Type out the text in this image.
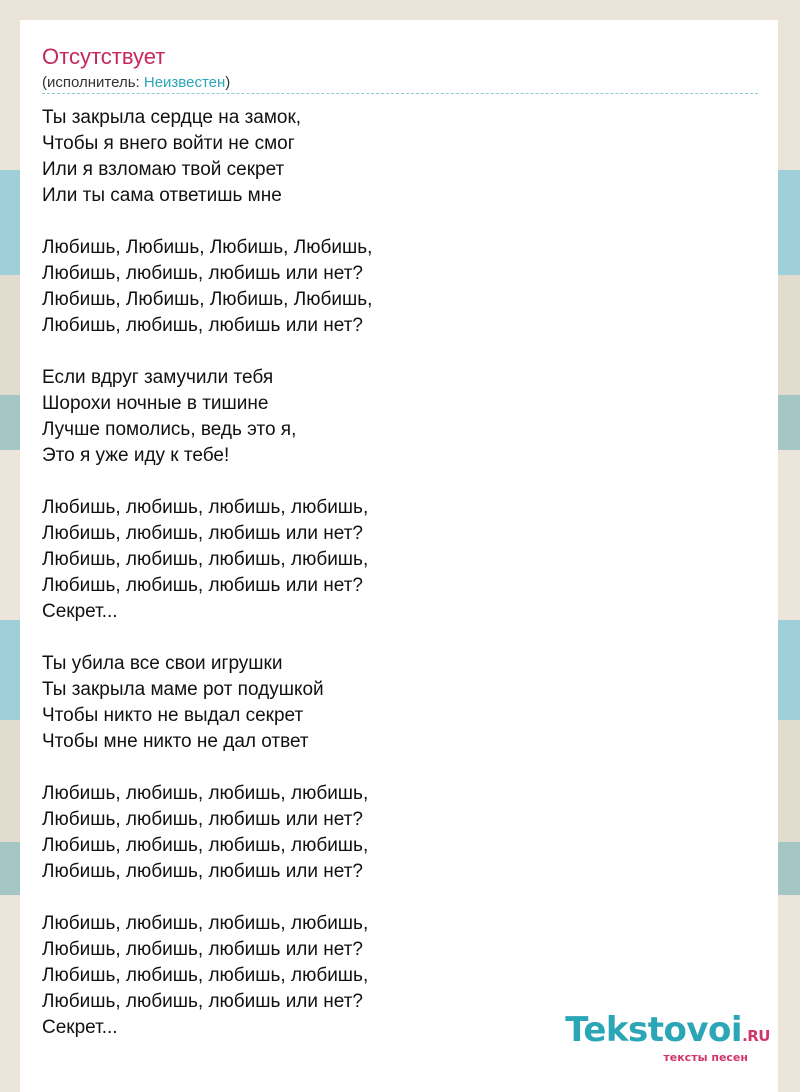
Отсутствует
(исполнитель: Неизвестен)
Ты закрыла сердце на замок,
Чтобы я внего войти не смог
Или я взломаю твой секрет
Или ты сама ответишь мне
Любишь, Любишь, Любишь, Любишь,
Любишь, любишь, любишь или нет?
Любишь, Любишь, Любишь, Любишь,
Любишь, любишь, любишь или нет?
Если вдруг замучили тебя
Шорохи ночные в тишине
Лучше помолись, ведь это я,
Это я уже иду к тебе!
Любишь, любишь, любишь, любишь,
Любишь, любишь, любишь или нет?
Любишь, любишь, любишь, любишь,
Любишь, любишь, любишь или нет?
Секрет...
Ты убила все свои игрушки
Ты закрыла маме рот подушкой
Чтобы никто не выдал секрет
Чтобы мне никто не дал ответ
Любишь, любишь, любишь, любишь,
Любишь, любишь, любишь или нет?
Любишь, любишь, любишь, любишь,
Любишь, любишь, любишь или нет?
Любишь, любишь, любишь, любишь,
Любишь, любишь, любишь или нет?
Любишь, любишь, любишь, любишь,
Любишь, любишь, любишь или нет?
Секрет...	Tekstovoi.RU
тексты песен
